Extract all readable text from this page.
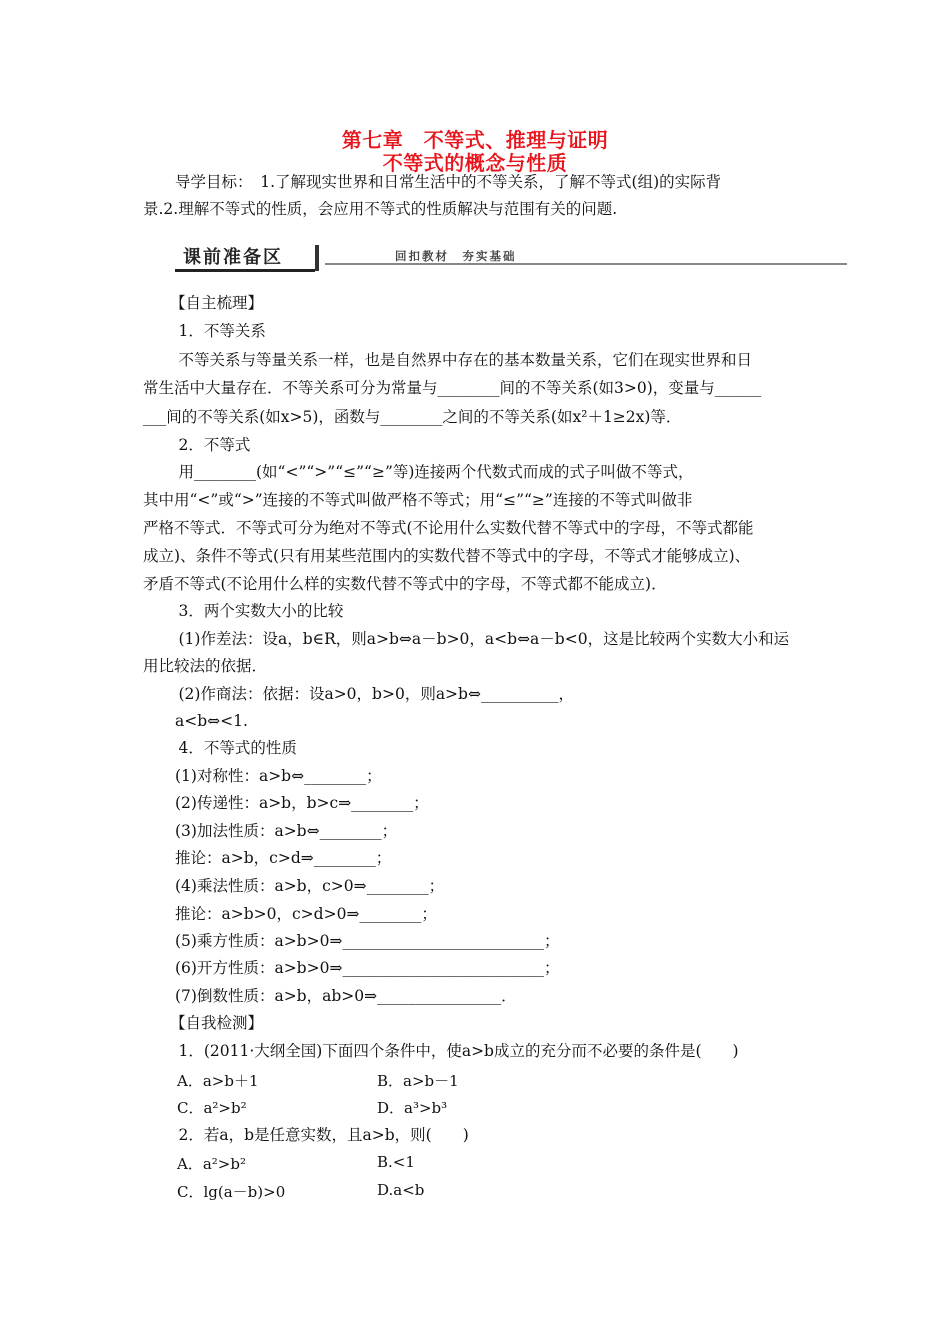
第七章　不等式、推理与证明
不等式的概念与性质
导学目标：　1.了解现实世界和日常生活中的不等关系，了解不等式(组)的实际背
景.2.理解不等式的性质，会应用不等式的性质解决与范围有关的问题.
课前准备区	回扣教材　夯实基础
【自主梳理】
　1．不等关系
　不等关系与等量关系一样，也是自然界中存在的基本数量关系，它们在现实世界和日
常生活中大量存在．不等关系可分为常量与________间的不等关系(如3>0)，变量与______
___间的不等关系(如x>5)，函数与________之间的不等关系(如x²＋1≥2x)等．
　2．不等式
　用________(如“<”“>”“≤”“≥”等)连接两个代数式而成的式子叫做不等式，
其中用“<”或“>”连接的不等式叫做严格不等式；用“≤”“≥”连接的不等式叫做非
严格不等式．不等式可分为绝对不等式(不论用什么实数代替不等式中的字母，不等式都能
成立)、条件不等式(只有用某些范围内的实数代替不等式中的字母，不等式才能够成立)、
矛盾不等式(不论用什么样的实数代替不等式中的字母，不等式都不能成立)．
　3．两个实数大小的比较
　(1)作差法：设a，b∈R，则a>b⇔a－b>0，a<b⇔a－b<0，这是比较两个实数大小和运
用比较法的依据．
　(2)作商法：依据：设a>0，b>0，则a>b⇔__________，
a<b⇔<1.
　4．不等式的性质
(1)对称性：a>b⇔________；
(2)传递性：a>b，b>c⇒________；
(3)加法性质：a>b⇔________；
推论：a>b，c>d⇒________；
(4)乘法性质：a>b，c>0⇒________；
推论：a>b>0，c>d>0⇒________；
(5)乘方性质：a>b>0⇒__________________________；
(6)开方性质：a>b>0⇒__________________________；
(7)倒数性质：a>b，ab>0⇒________________．
【自我检测】
　1．(2011·大纲全国)下面四个条件中，使a>b成立的充分而不必要的条件是(　　)
A．a>b＋1	B．a>b－1
C．a²>b²	D．a³>b³
　2．若a，b是任意实数，且a>b，则(　　)
A．a²>b²	B.<1
C．lg(a－b)>0	D.a<b
